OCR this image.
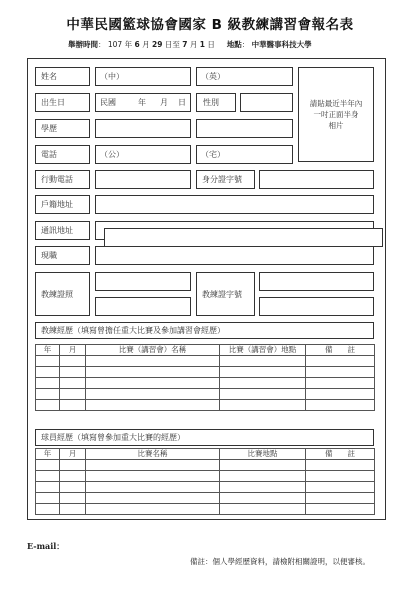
中華民國籃球協會國家 B 級教練講習會報名表
舉辦時間： 107 年 6 月 29 日至 7 月 1 日 地點： 中華醫事科技大學
姓名	（中）	（英）
請貼最近半年內
一吋正面半身
相片
出生日	民國	年 月 日 性別
學歷
電話	（公）	（宅）
行動電話	身分證字號
戶籍地址
通訊地址
現職
教練證照	教練證字號
教練經歷（填寫曾擔任重大比賽及參加講習會經歷）
年	月	比賽（講習會）名稱	比賽（講習會）地點	備　　註

球員經歷（填寫曾參加重大比賽的經歷）
年	月	比賽名稱	比賽地點	備　　註

E-mail：
備註：個人學經歷資料，請檢附相關證明，以便審核。
